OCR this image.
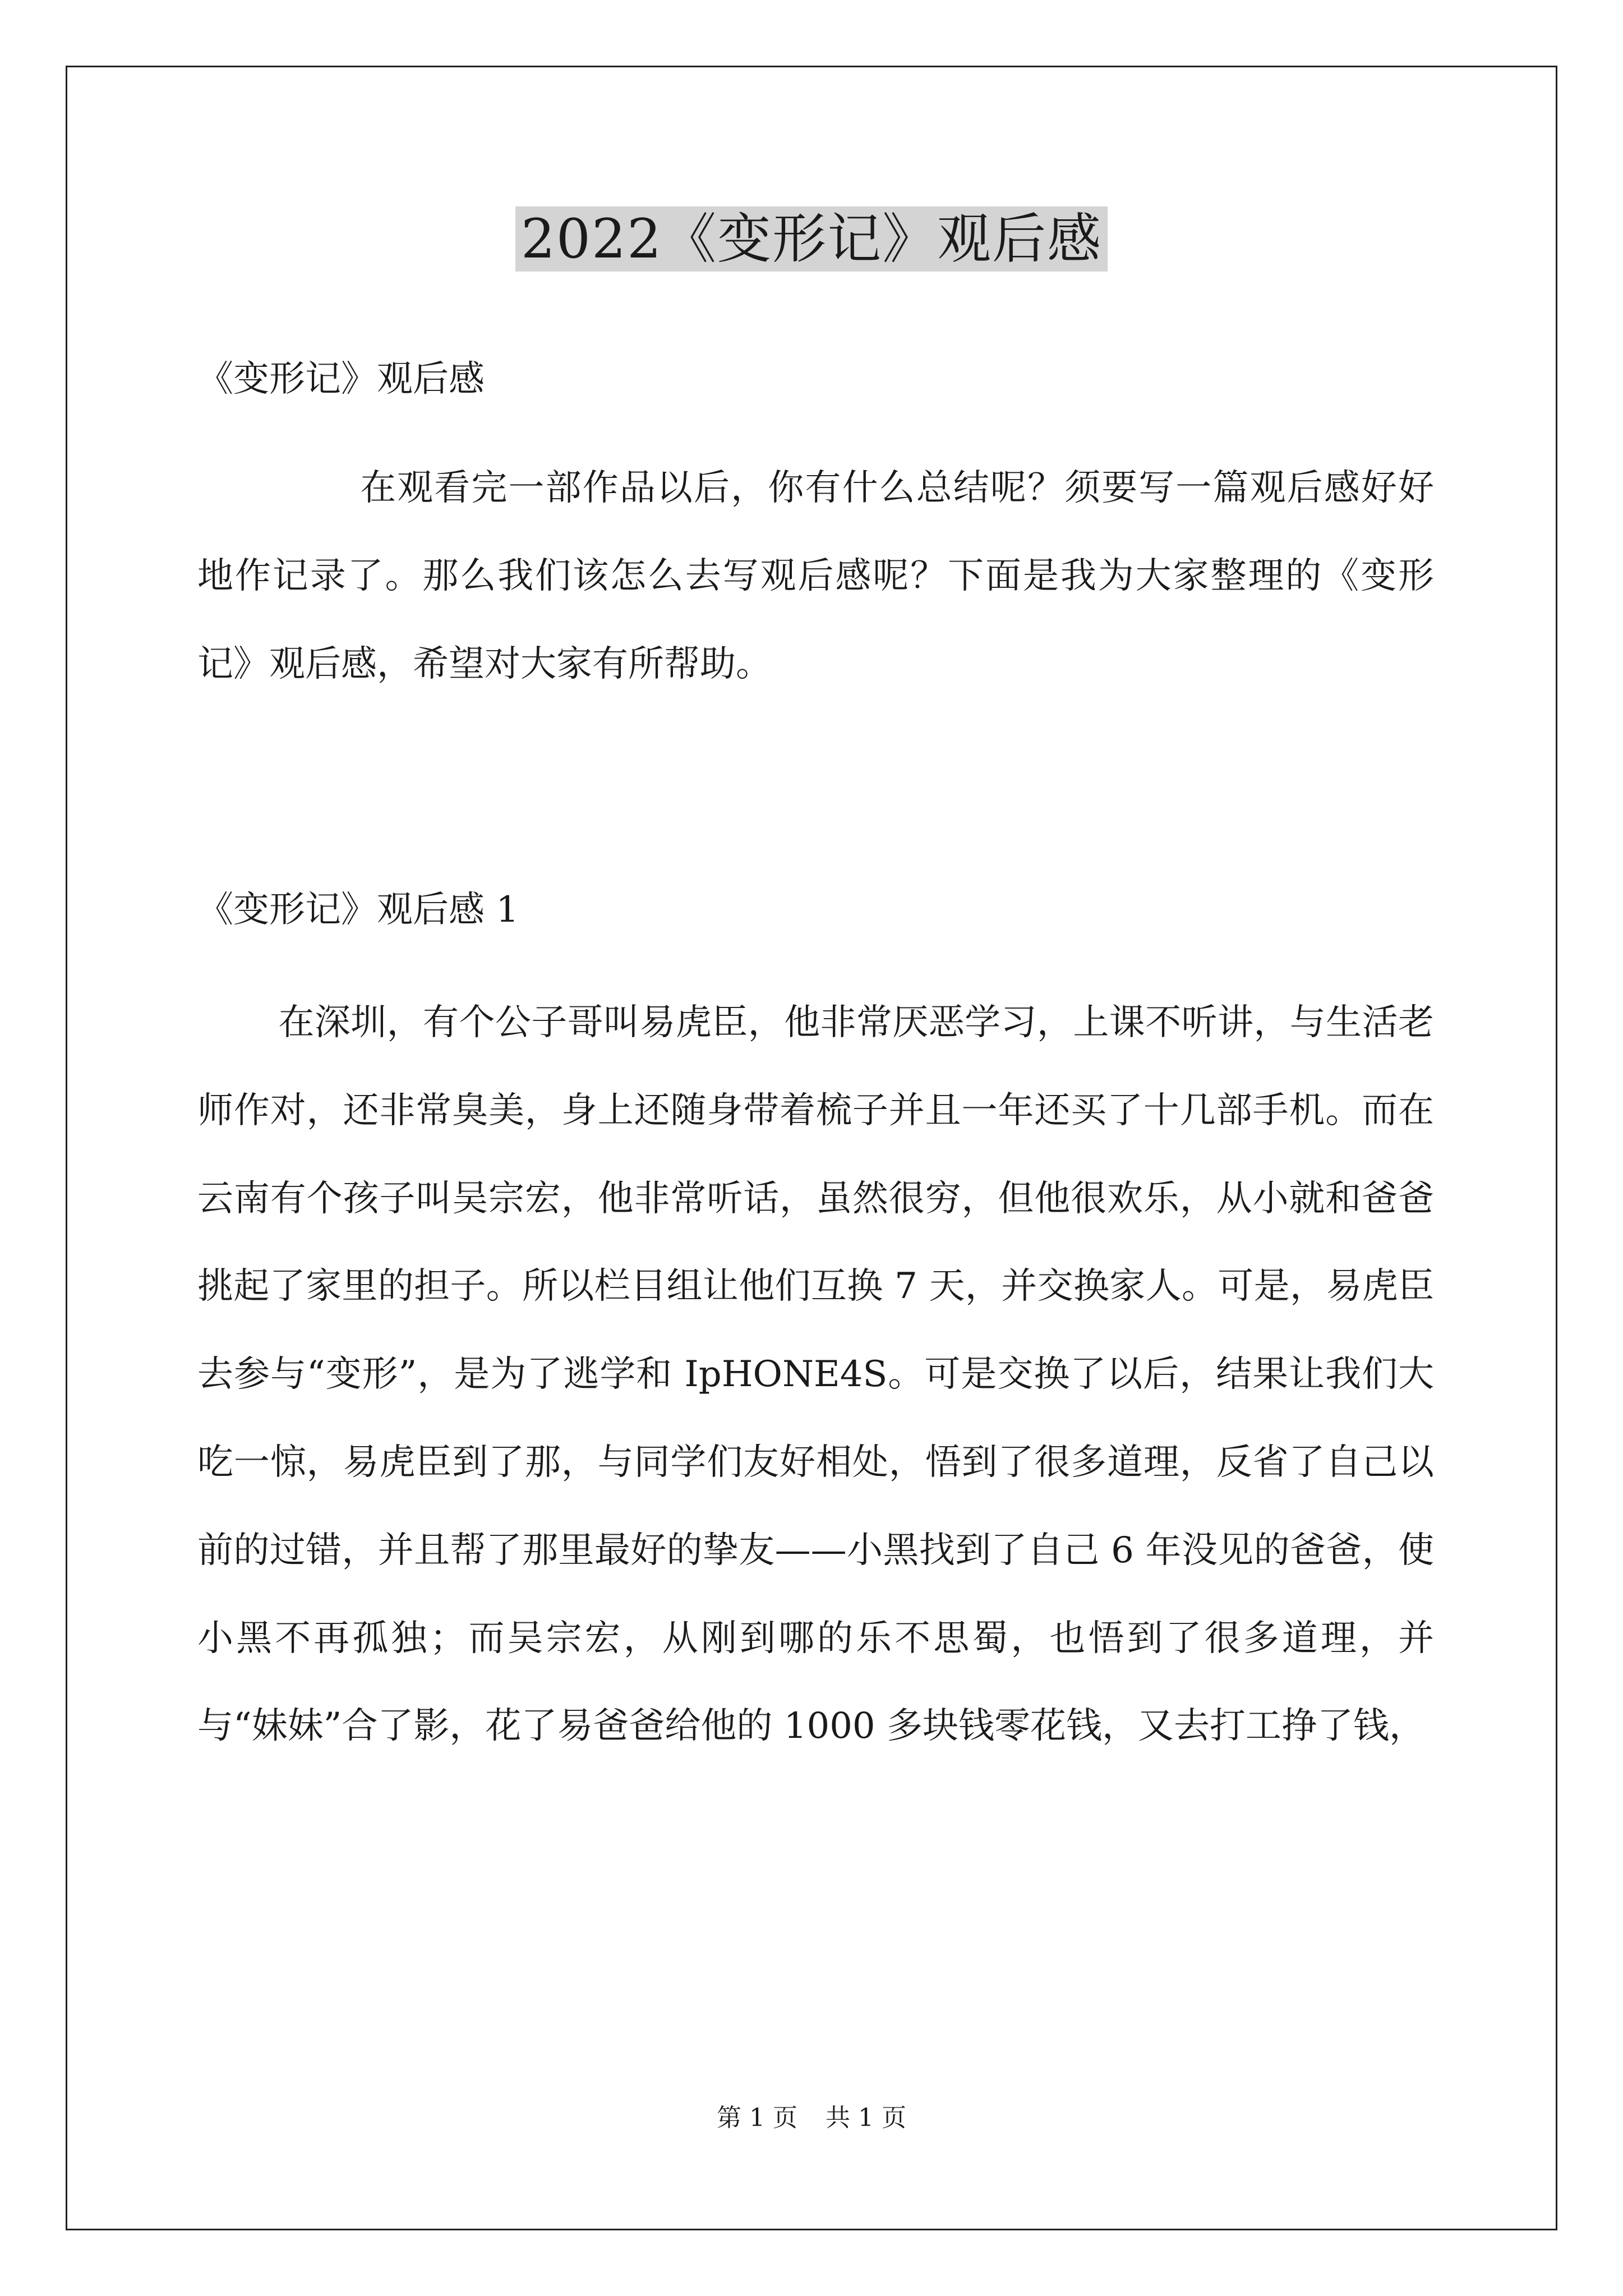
2022《变形记》观后感
《变形记》观后感
在观看完一部作品以后，你有什么总结呢？须要写一篇观后感好好地作记录了。那么我们该怎么去写观后感呢？下面是我为大家整理的《变形记》观后感，希望对大家有所帮助。
《变形记》观后感 1
在深圳，有个公子哥叫易虎臣，他非常厌恶学习，上课不听讲，与生活老师作对，还非常臭美，身上还随身带着梳子并且一年还买了十几部手机。而在云南有个孩子叫吴宗宏，他非常听话，虽然很穷，但他很欢乐，从小就和爸爸挑起了家里的担子。所以栏目组让他们互换 7 天，并交换家人。可是，易虎臣去参与“变形”，是为了逃学和 IpHONE4S。可是交换了以后，结果让我们大吃一惊，易虎臣到了那，与同学们友好相处，悟到了很多道理，反省了自己以前的过错，并且帮了那里最好的挚友——小黑找到了自己 6 年没见的爸爸，使小黑不再孤独；而吴宗宏，从刚到哪的乐不思蜀，也悟到了很多道理，并与“妹妹”合了影，花了易爸爸给他的 1000 多块钱零花钱，又去打工挣了钱，
第 1 页 共 1 页
